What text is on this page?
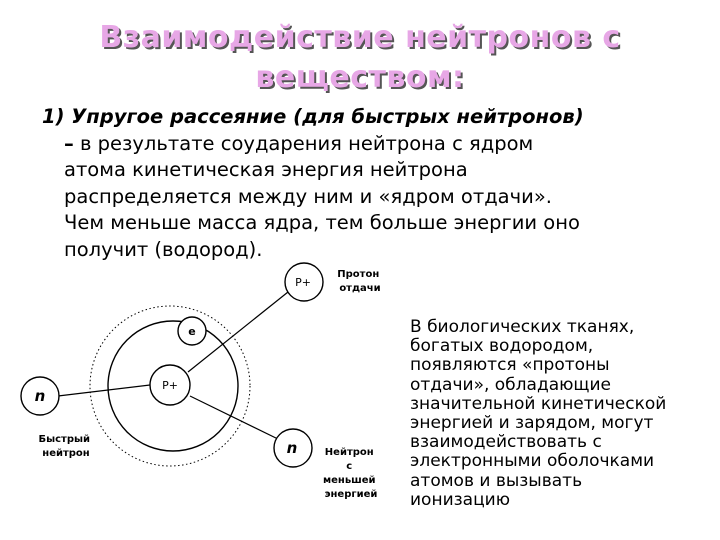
Взаимодействие нейтронов с
веществом:
1) Упругое рассеяние (для быстрых нейтронов)
– в результате соударения нейтрона с ядром
атома кинетическая энергия нейтрона
распределяется между ним и «ядром отдачи».
Чем меньше масса ядра, тем больше энергии оно
получит (водород).
n
e
P+
P+
n
Быстрый нейтрон
Протон отдачи
Нейтрон с меньшей энергией
В биологических тканях,
богатых водородом,
появляются «протоны
отдачи», обладающие
значительной кинетической
энергией и зарядом, могут
взаимодействовать с
электронными оболочками
атомов и вызывать
ионизацию
